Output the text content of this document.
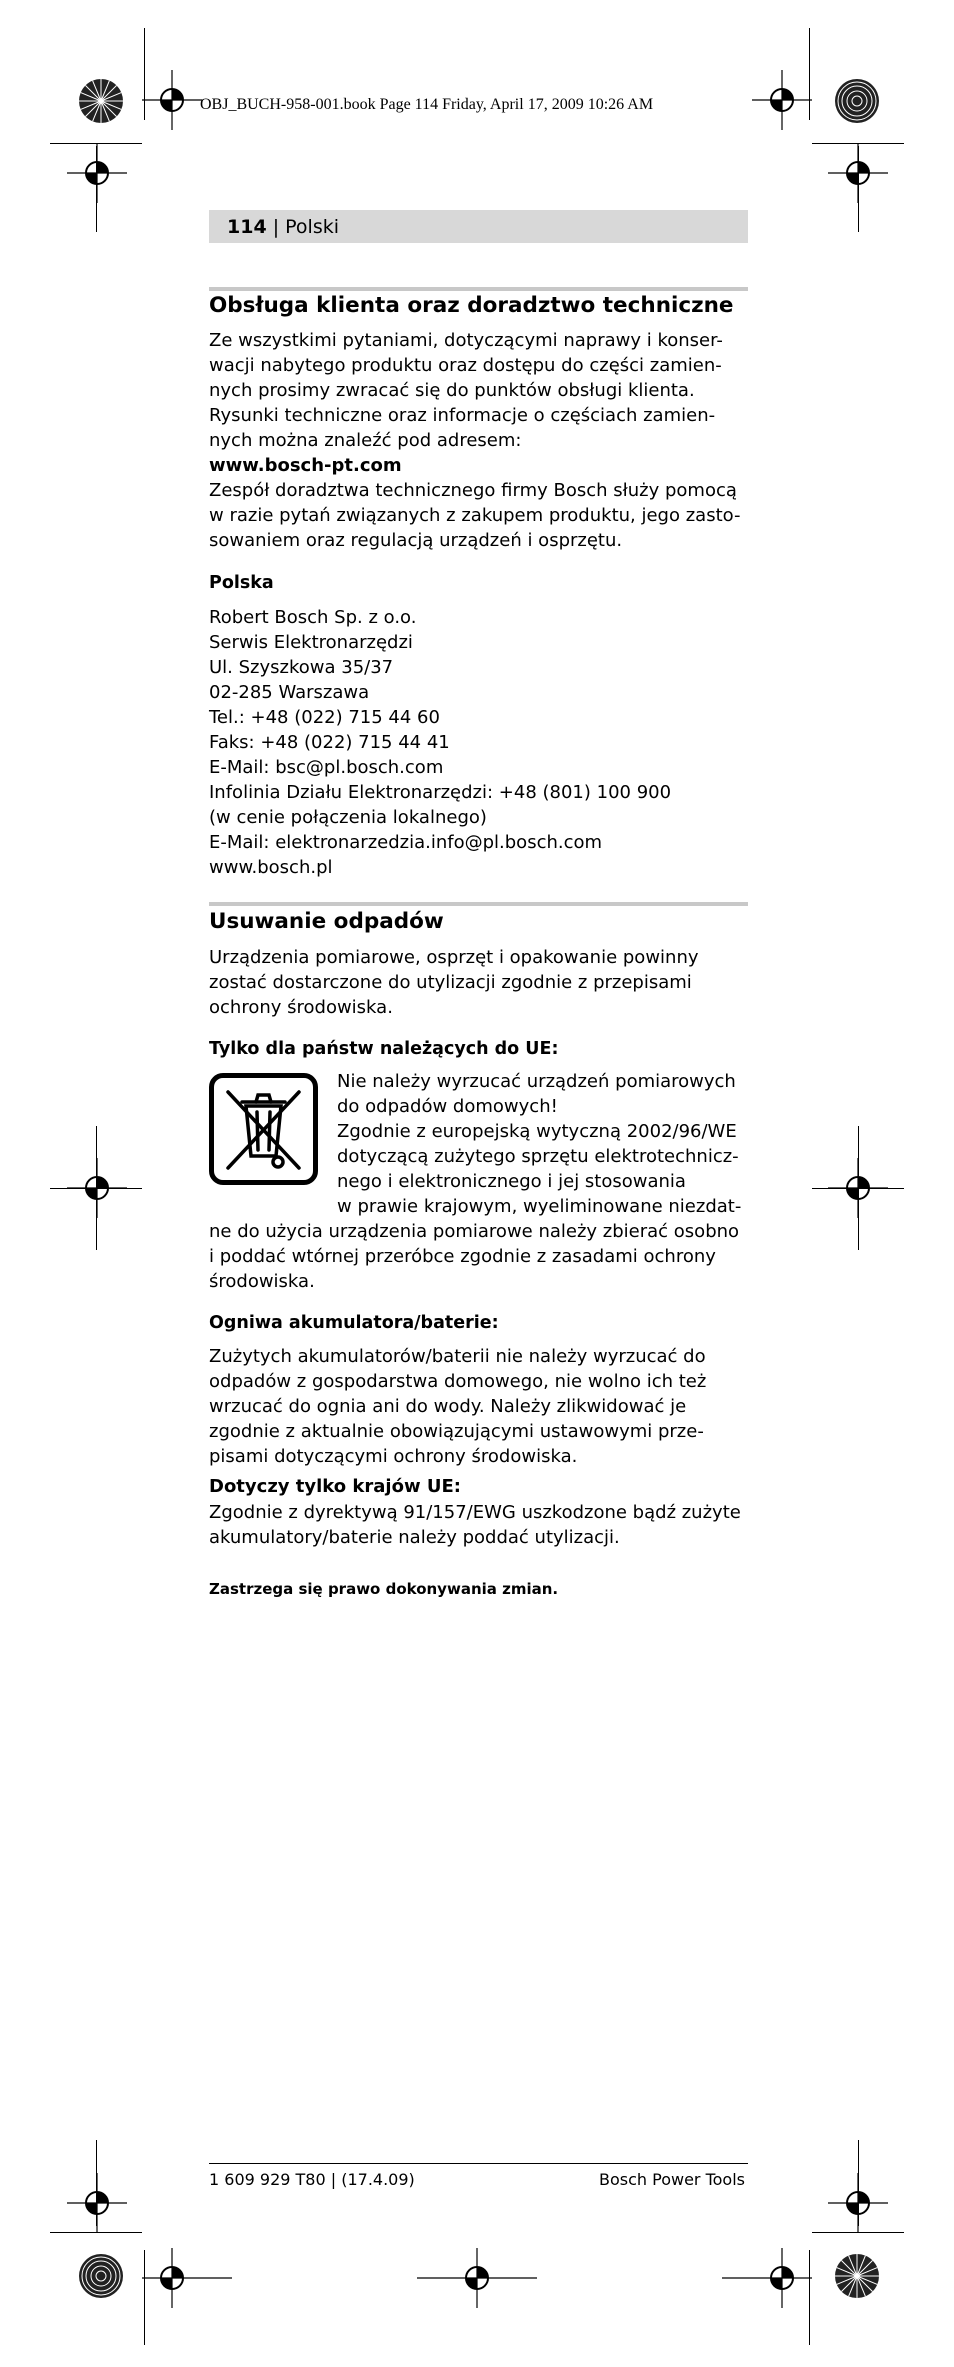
OBJ_BUCH-958-001.book Page 114 Friday, April 17, 2009 10:26 AM
114 | Polski
Obsługa klienta oraz doradztwo techniczne
Ze wszystkimi pytaniami, dotyczącymi naprawy i konser-
wacji nabytego produktu oraz dostępu do części zamien-
nych prosimy zwracać się do punktów obsługi klienta.
Rysunki techniczne oraz informacje o częściach zamien-
nych można znaleźć pod adresem:
www.bosch-pt.com
Zespół doradztwa technicznego firmy Bosch służy pomocą
w razie pytań związanych z zakupem produktu, jego zasto-
sowaniem oraz regulacją urządzeń i osprzętu.
Polska
Robert Bosch Sp. z o.o.
Serwis Elektronarzędzi
Ul. Szyszkowa 35/37
02-285 Warszawa
Tel.: +48 (022) 715 44 60
Faks: +48 (022) 715 44 41
E-Mail: bsc@pl.bosch.com
Infolinia Działu Elektronarzędzi: +48 (801) 100 900
(w cenie połączenia lokalnego)
E-Mail: elektronarzedzia.info@pl.bosch.com
www.bosch.pl
Usuwanie odpadów
Urządzenia pomiarowe, osprzęt i opakowanie powinny
zostać dostarczone do utylizacji zgodnie z przepisami
ochrony środowiska.
Tylko dla państw należących do UE:
Nie należy wyrzucać urządzeń pomiarowych
do odpadów domowych!
Zgodnie z europejską wytyczną 2002/96/WE
dotyczącą zużytego sprzętu elektrotechnicz-
nego i elektronicznego i jej stosowania
w prawie krajowym, wyeliminowane niezdat-
ne do użycia urządzenia pomiarowe należy zbierać osobno
i poddać wtórnej przeróbce zgodnie z zasadami ochrony
środowiska.
Ogniwa akumulatora/baterie:
Zużytych akumulatorów/baterii nie należy wyrzucać do
odpadów z gospodarstwa domowego, nie wolno ich też
wrzucać do ognia ani do wody. Należy zlikwidować je
zgodnie z aktualnie obowiązującymi ustawowymi prze-
pisami dotyczącymi ochrony środowiska.
Dotyczy tylko krajów UE:
Zgodnie z dyrektywą 91/157/EWG uszkodzone bądź zużyte
akumulatory/baterie należy poddać utylizacji.
Zastrzega się prawo dokonywania zmian.
1 609 929 T80 | (17.4.09)	Bosch Power Tools
